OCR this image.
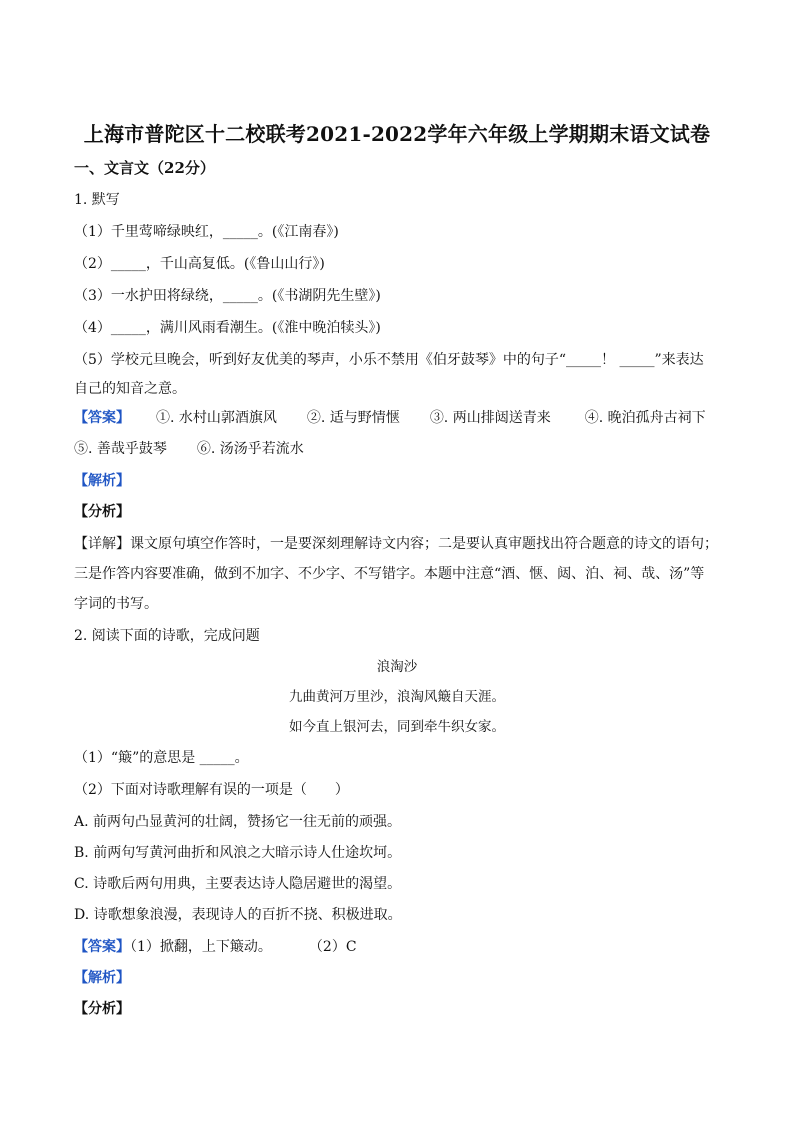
上海市普陀区十二校联考2021-2022学年六年级上学期期末语文试卷
一、文言文（22分）
1. 默写
（1）千里莺啼绿映红，_____。(《江南春》)
（2）_____，千山高复低。(《鲁山山行》)
（3）一水护田将绿绕，_____。(《书湖阴先生壁》)
（4）_____，满川风雨看潮生。(《淮中晚泊犊头》)
（5）学校元旦晚会，听到好友优美的琴声，小乐不禁用《伯牙鼓琴》中的句子“_____！ _____”来表达
自己的知音之意。
【答案】 ①. 水村山郭酒旗风 ②. 适与野情惬 ③. 两山排闼送青来 ④. 晚泊孤舟古祠下
⑤. 善哉乎鼓琴 ⑥. 汤汤乎若流水
【解析】
【分析】
【详解】课文原句填空作答时，一是要深刻理解诗文内容；二是要认真审题找出符合题意的诗文的语句；
三是作答内容要准确，做到不加字、不少字、不写错字。本题中注意“酒、惬、闼、泊、祠、哉、汤”等
字词的书写。
2. 阅读下面的诗歌，完成问题
浪淘沙
九曲黄河万里沙，浪淘风簸自天涯。
如今直上银河去，同到牵牛织女家。
（1）“簸”的意思是 _____。
（2）下面对诗歌理解有误的一项是（　　）
A. 前两句凸显黄河的壮阔，赞扬它一往无前的顽强。
B. 前两句写黄河曲折和风浪之大暗示诗人仕途坎坷。
C. 诗歌后两句用典，主要表达诗人隐居避世的渴望。
D. 诗歌想象浪漫，表现诗人的百折不挠、积极进取。
【答案】（1）掀翻，上下簸动。	（2）C
【解析】
【分析】
